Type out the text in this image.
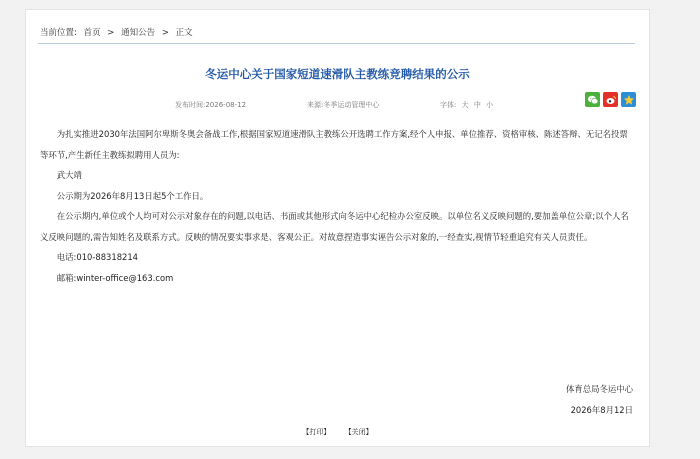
当前位置: 首页 > 通知公告 > 正文
冬运中心关于国家短道速滑队主教练竞聘结果的公示
发布时间:2026-08-12	来源:冬季运动管理中心	字体: 大 中 小

为扎实推进2030年法国阿尔卑斯冬奥会备战工作,根据国家短道速滑队主教练公开选聘工作方案,经个人申报、单位推荐、资格审核、陈述答辩、无记名投票等环节,产生新任主教练拟聘用人员为:

武大靖

公示期为2026年8月13日起5个工作日。

在公示期内,单位或个人均可对公示对象存在的问题,以电话、书面或其他形式向冬运中心纪检办公室反映。以单位名义反映问题的,要加盖单位公章;以个人名义反映问题的,需告知姓名及联系方式。反映的情况要实事求是、客观公正。对故意捏造事实诬告公示对象的,一经查实,视情节轻重追究有关人员责任。

电话:010-88318214

邮箱:winter-office@163.com

体育总局冬运中心
2026年8月12日
【打印】 【关闭】
